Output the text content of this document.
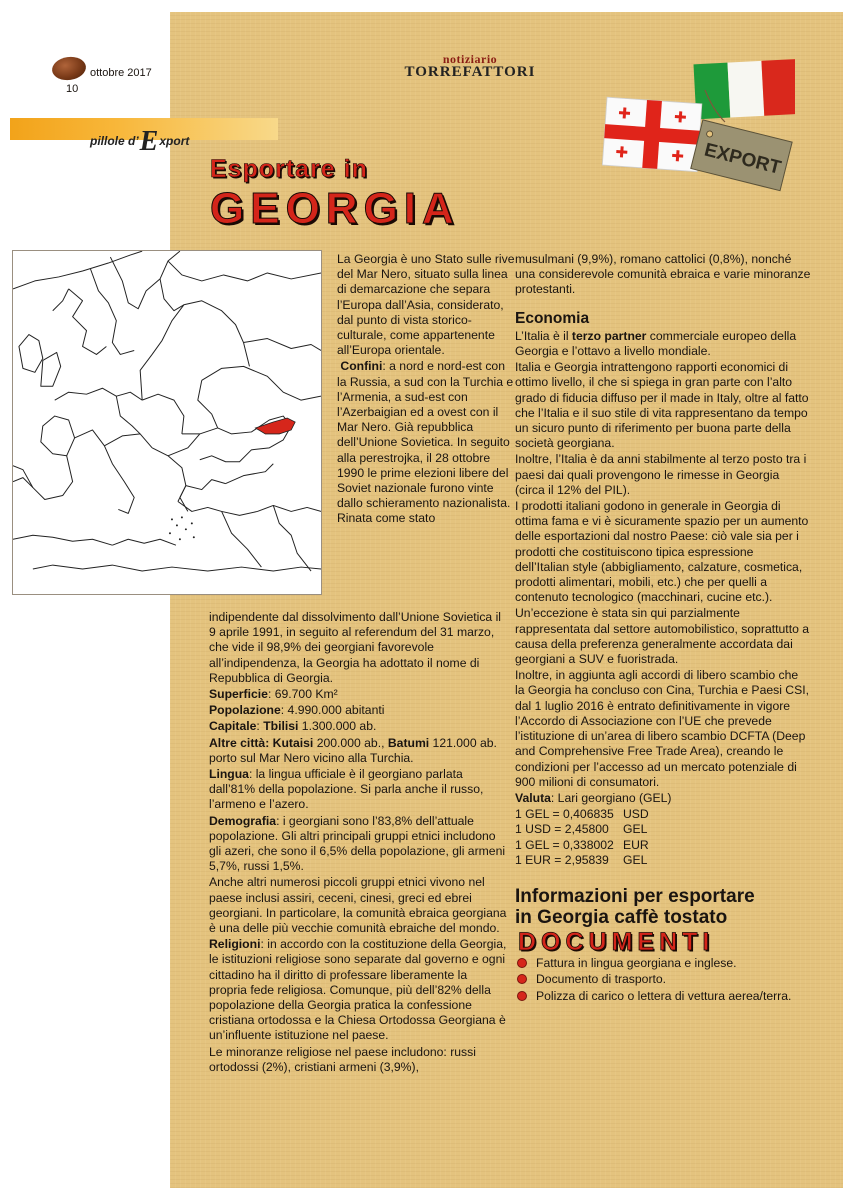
ottobre 2017
10
notiziario
TORREFATTORI
pillole d’Export	EXPORT
Esportare in
GEORGIA

La Georgia è uno Stato sulle rive del Mar Nero, situato sulla linea di demarcazione che separa l’Europa dall’Asia, considerato, dal punto di vista storico-culturale, come appartenente all’Europa orientale.

Confini: a nord e nord-est con la Russia, a sud con la Turchia e l’Armenia, a sud-est con l’Azerbaigian ed a ovest con il Mar Nero. Già repubblica dell’Unione Sovietica. In seguito alla perestrojka, il 28 ottobre 1990 le prime elezioni libere del Soviet nazionale furono vinte dallo schieramento nazionalista. Rinata come stato

indipendente dal dissolvimento dall’Unione Sovietica il 9 aprile 1991, in seguito al referendum del 31 marzo, che vide il 98,9% dei georgiani favorevole all’indipendenza, la Georgia ha adottato il nome di Repubblica di Georgia.

Superficie: 69.700 Km²

Popolazione: 4.990.000 abitanti

Capitale: Tbilisi 1.300.000 ab.

Altre città: Kutaisi 200.000 ab., Batumi 121.000 ab. porto sul Mar Nero vicino alla Turchia.

Lingua: la lingua ufficiale è il georgiano parlata dall’81% della popolazione. Si parla anche il russo, l’armeno e l’azero.

Demografia: i georgiani sono l’83,8% dell’attuale popolazione. Gli altri principali gruppi etnici includono gli azeri, che sono il 6,5% della popolazione, gli armeni 5,7%, russi 1,5%.

Anche altri numerosi piccoli gruppi etnici vivono nel paese inclusi assiri, ceceni, cinesi, greci ed ebrei georgiani. In particolare, la comunità ebraica georgiana è una delle più vecchie comunità ebraiche del mondo.

Religioni: in accordo con la costituzione della Georgia, le istituzioni religiose sono separate dal governo e ogni cittadino ha il diritto di professare liberamente la propria fede religiosa. Comunque, più dell’82% della popolazione della Georgia pratica la confessione cristiana ortodossa e la Chiesa Ortodossa Georgiana è un’influente istituzione nel paese.

Le minoranze religiose nel paese includono: russi ortodossi (2%), cristiani armeni (3,9%),

musulmani (9,9%), romano cattolici (0,8%), nonché una considerevole comunità ebraica e varie minoranze protestanti.

Economia

L’Italia è il terzo partner commerciale europeo della Georgia e l’ottavo a livello mondiale.

Italia e Georgia intrattengono rapporti economici di ottimo livello, il che si spiega in gran parte con l’alto grado di fiducia diffuso per il made in Italy, oltre al fatto che l’Italia e il suo stile di vita rappresentano da tempo un sicuro punto di riferimento per buona parte della società georgiana.

Inoltre, l’Italia è da anni stabilmente al terzo posto tra i paesi dai quali provengono le rimesse in Georgia (circa il 12% del PIL).

I prodotti italiani godono in generale in Georgia di ottima fama e vi è sicuramente spazio per un aumento delle esportazioni dal nostro Paese: ciò vale sia per i prodotti che costituiscono tipica espressione dell’Italian style (abbigliamento, calzature, cosmetica, prodotti alimentari, mobili, etc.) che per quelli a contenuto tecnologico (macchinari, cucine etc.).

Un’eccezione è stata sin qui parzialmente rappresentata dal settore automobilistico, soprattutto a causa della preferenza generalmente accordata dai georgiani a SUV e fuoristrada.

Inoltre, in aggiunta agli accordi di libero scambio che la Georgia ha concluso con Cina, Turchia e Paesi CSI, dal 1 luglio 2016 è entrato definitivamente in vigore l’Accordo di Associazione con l’UE che prevede l’istituzione di un’area di libero scambio DCFTA (Deep and Comprehensive Free Trade Area), creando le condizioni per l’accesso ad un mercato potenziale di 900 milioni di consumatori.

Valuta: Lari georgiano (GEL)

1 GEL = 0,406835 USD
1 USD = 2,45800	GEL
1 GEL = 0,338002 EUR
1 EUR = 2,95839	GEL
Informazioni per esportare
in Georgia caffè tostato
DOCUMENTI
Fattura in lingua georgiana e inglese.
Documento di trasporto.
Polizza di carico o lettera di vettura aerea/terra.
